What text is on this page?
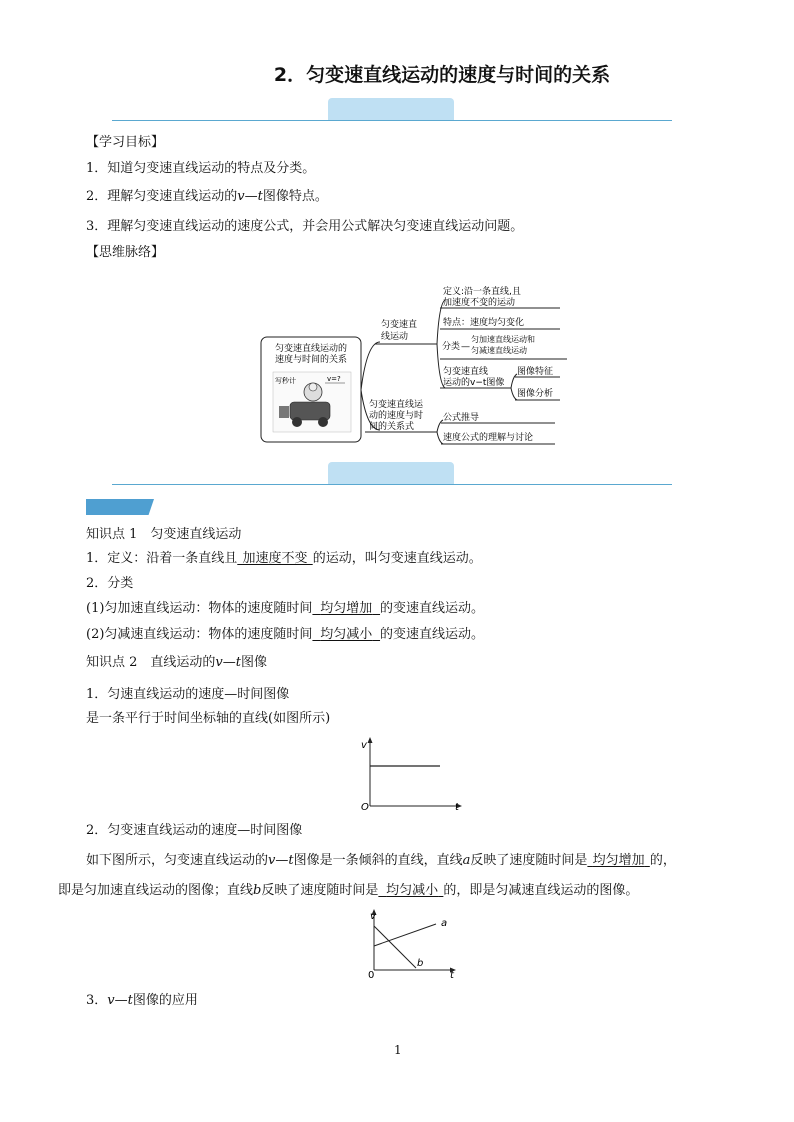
2．匀变速直线运动的速度与时间的关系
【学习目标】
1．知道匀变速直线运动的特点及分类。
2．理解匀变速直线运动的v—t图像特点。
3．理解匀变速直线运动的速度公式，并会用公式解决匀变速直线运动问题。
【思维脉络】
匀变速直线运动的
速度与时间的关系
写秒计	v=?
匀变速直
线运动
定义:沿一条直线,且
加速度不变的运动
特点：速度均匀变化
分类 —
匀加速直线运动和
匀减速直线运动
匀变速直线
运动的v−t图像
图像特征
图像分析
匀变速直线运
动的速度与时
间的关系式
公式推导
速度公式的理解与讨论
知识点 1　匀变速直线运动
1．定义：沿着一条直线且   加速度不变   的运动，叫匀变速直线运动。
2．分类
(1)匀加速直线运动：物体的速度随时间    均匀增加    的变速直线运动。
(2)匀减速直线运动：物体的速度随时间    均匀减小    的变速直线运动。
知识点 2　直线运动的v—t图像
1．匀速直线运动的速度—时间图像
是一条平行于时间坐标轴的直线(如图所示)
v
O	t
2．匀变速直线运动的速度—时间图像
如下图所示，匀变速直线运动的v—t图像是一条倾斜的直线，直线a反映了速度随时间是   均匀增加   的，
即是匀加速直线运动的图像；直线b反映了速度随时间是    均匀减小   的，即是匀减速直线运动的图像。
v
0	t
a
b
3．v—t图像的应用
1
